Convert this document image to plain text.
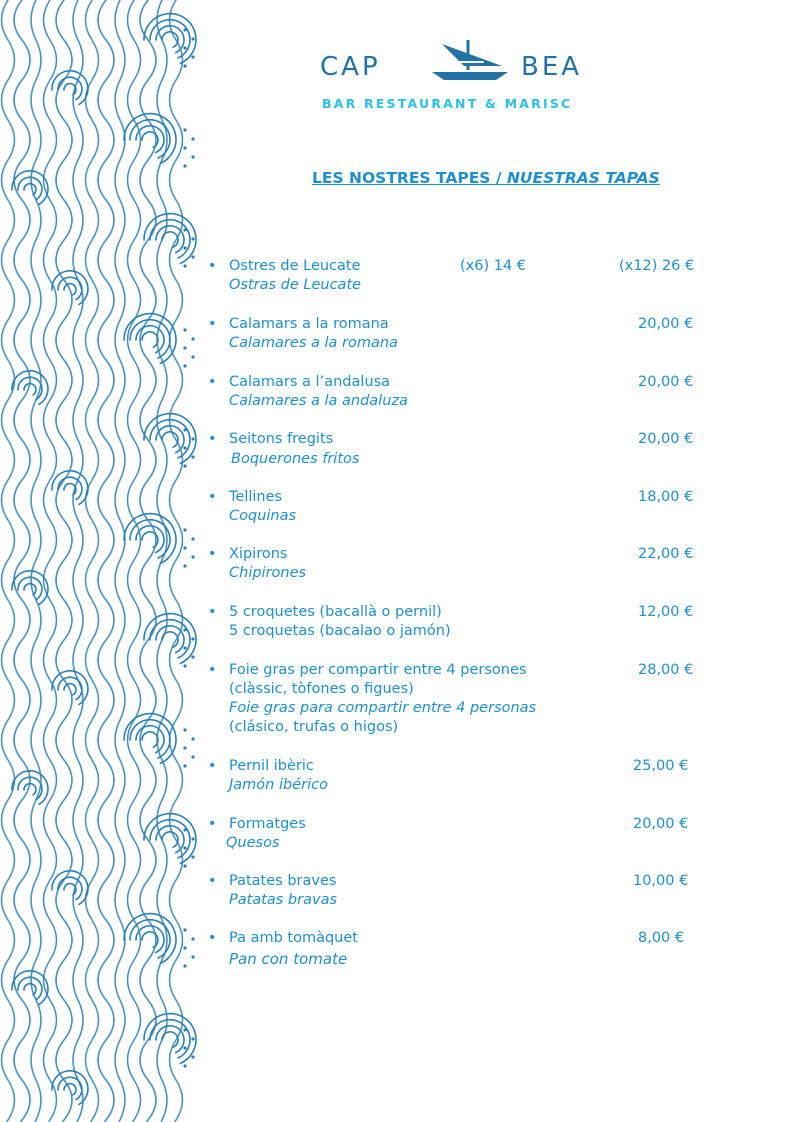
CAP	BEA
BAR RESTAURANT & MARISC
LES NOSTRES TAPES / NUESTRAS TAPAS
• Ostres de Leucate
Ostras de Leucate
(x6) 14 €	(x12) 26 €
• Calamars a la romana
Calamares a la romana
20,00 €
• Calamars a l’andalusa
Calamares a la andaluza
20,00 €
• Seitons fregits
Boquerones fritos
20,00 €
• Tellines
Coquinas
18,00 €
• Xipirons
Chipirones
22,00 €
• 5 croquetes (bacallà o pernil)
5 croquetas (bacalao o jamón)
12,00 €
• Foie gras per compartir entre 4 persones
(clàssic, tòfones o figues)
Foie gras para compartir entre 4 personas
(clásico, trufas o higos)
28,00 €
• Pernil ibèric
Jamón ibérico
25,00 €
• Formatges
Quesos
20,00 €
• Patates braves
Patatas bravas
10,00 €
• Pa amb tomàquet
Pan con tomate
8,00 €
